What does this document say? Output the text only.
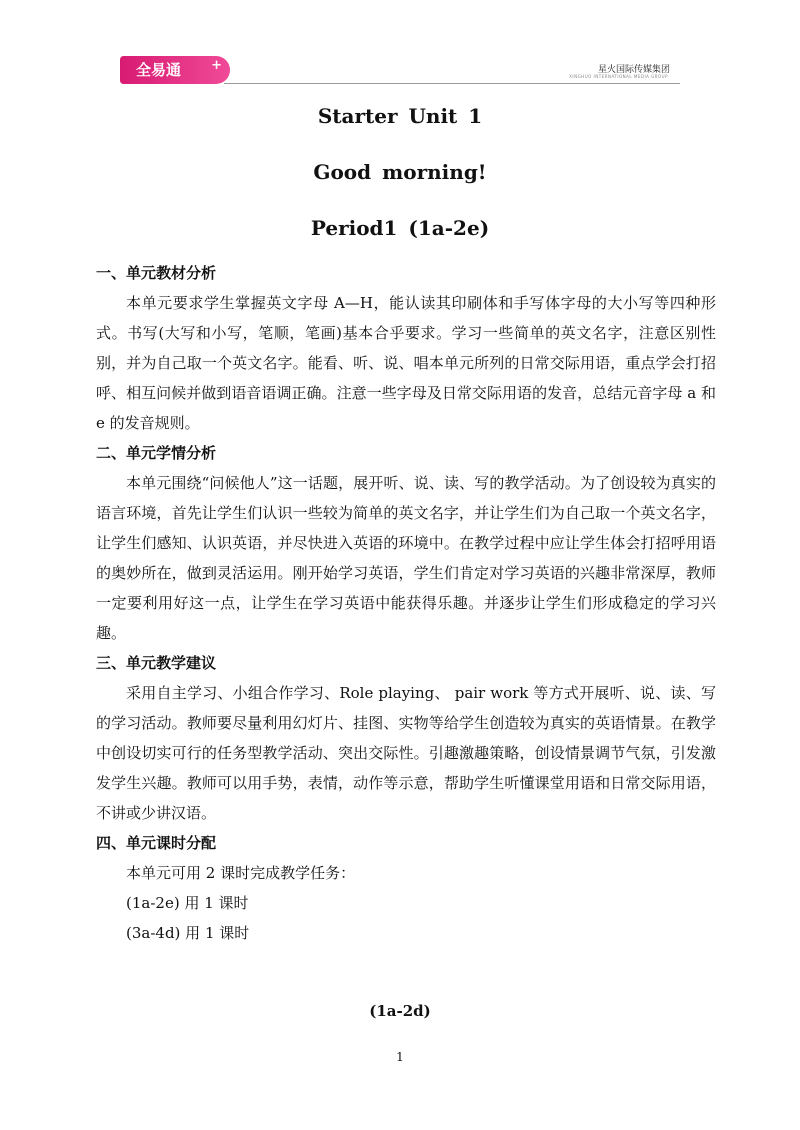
全易通 +	星火国际传媒集团
XINGHUO INTERNATIONAL MEDIA GROUP
Starter Unit 1
Good morning!
Period1 (1a-2e)

一、单元教材分析

本单元要求学生掌握英文字母 A—H，能认读其印刷体和手写体字母的大小写等四种形式。书写(大写和小写，笔顺，笔画)基本合乎要求。学习一些简单的英文名字，注意区别性别，并为自己取一个英文名字。能看、听、说、唱本单元所列的日常交际用语，重点学会打招呼、相互问候并做到语音语调正确。注意一些字母及日常交际用语的发音，总结元音字母 a 和 e 的发音规则。

二、单元学情分析

本单元围绕“问候他人”这一话题，展开听、说、读、写的教学活动。为了创设较为真实的语言环境，首先让学生们认识一些较为简单的英文名字，并让学生们为自己取一个英文名字，让学生们感知、认识英语，并尽快进入英语的环境中。在教学过程中应让学生体会打招呼用语的奥妙所在，做到灵活运用。刚开始学习英语，学生们肯定对学习英语的兴趣非常深厚，教师一定要利用好这一点，让学生在学习英语中能获得乐趣。并逐步让学生们形成稳定的学习兴趣。

三、单元教学建议

采用自主学习、小组合作学习、Role playing、 pair work 等方式开展听、说、读、写的学习活动。教师要尽量利用幻灯片、挂图、实物等给学生创造较为真实的英语情景。在教学中创设切实可行的任务型教学活动、突出交际性。引趣激趣策略，创设情景调节气氛，引发激发学生兴趣。教师可以用手势，表情，动作等示意，帮助学生听懂课堂用语和日常交际用语，不讲或少讲汉语。

四、单元课时分配

本单元可用 2 课时完成教学任务：

(1a-2e) 用 1 课时

(3a-4d) 用 1 课时

(1a-2d)
1
